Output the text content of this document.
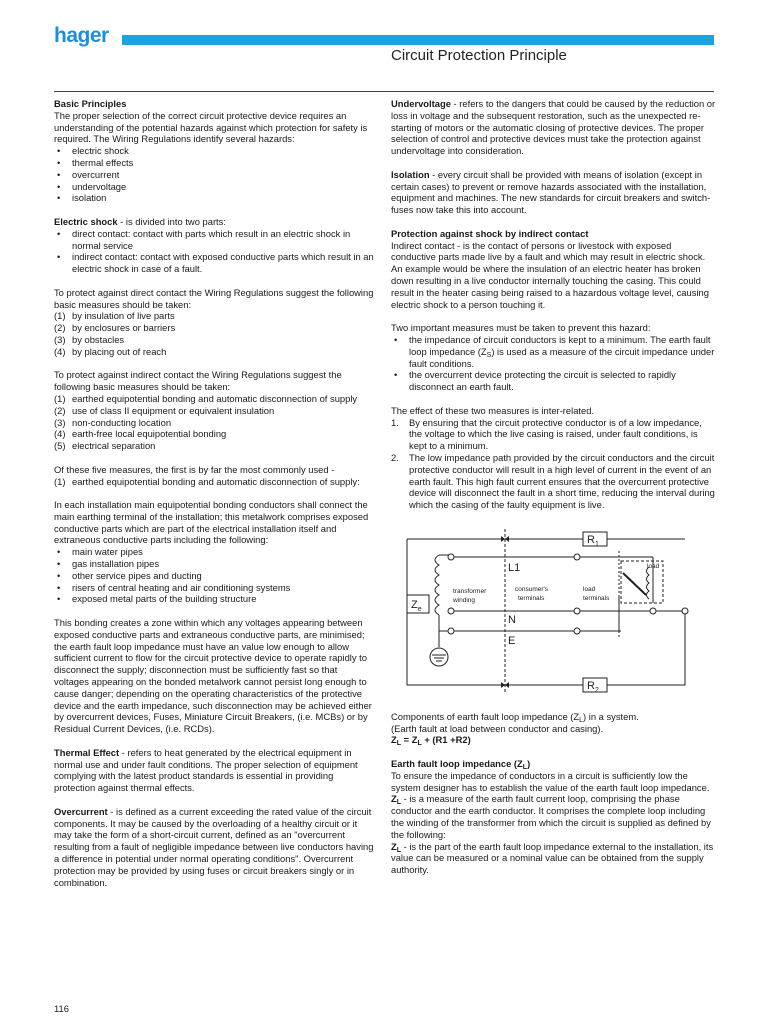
hager
Circuit Protection Principle
Basic Principles
The proper selection of the correct circuit protective device requires an understanding of the potential hazards against which protection for safety is required. The Wiring Regulations identify several hazards:
• electric shock
• thermal effects
• overcurrent
• undervoltage
• isolation
Electric shock - is divided into two parts:
• direct contact: contact with parts which result in an electric shock in normal service
• indirect contact: contact with exposed conductive parts which result in an electric shock in case of a fault.
To protect against direct contact the Wiring Regulations suggest the following basic measures should be taken:
(1) by insulation of live parts
(2) by enclosures or barriers
(3) by obstacles
(4) by placing out of reach
To protect against indirect contact the Wiring Regulations suggest the following basic measures should be taken:
(1) earthed equipotential bonding and automatic disconnection of supply
(2) use of class II equipment or equivalent insulation
(3) non-conducting location
(4) earth-free local equipotential bonding
(5) electrical separation
Of these five measures, the first is by far the most commonly used -
(1) earthed equipotential bonding and automatic disconnection of supply:
In each installation main equipotential bonding conductors shall connect the main earthing terminal of the installation; this metalwork comprises exposed conductive parts which are part of the electrical installation itself and extraneous conductive parts including the following:
• main water pipes
• gas installation pipes
• other service pipes and ducting
• risers of central heating and air conditioning systems
• exposed metal parts of the building structure

This bonding creates a zone within which any voltages appearing between exposed conductive parts and extraneous conductive parts, are minimised; the earth fault loop impedance must have an value low enough to allow sufficient current to flow for the circuit protective device to operate rapidly to disconnect the supply; disconnection must be sufficiently fast so that voltages appearing on the bonded metalwork cannot persist long enough to cause danger; depending on the operating characteristics of the protective device and the earth impedance, such disconnection may be achieved either by overcurrent devices, Fuses, Miniature Circuit Breakers, (i.e. MCBs) or by Residual Current Devices, (i.e. RCDs).

Thermal Effect - refers to heat generated by the electrical equipment in normal use and under fault conditions. The proper selection of equipment complying with the latest product standards is essential in providing protection against thermal effects.

Overcurrent - is defined as a current exceeding the rated value of the circuit components. It may be caused by the overloading of a healthy circuit or it may take the form of a short-circuit current, defined as an "overcurrent resulting from a fault of negligible impedance between live conductors having a difference in potential under normal operating conditions". Overcurrent protection may be provided by using fuses or circuit breakers singly or in combination.

Undervoltage - refers to the dangers that could be caused by the reduction or loss in voltage and the subsequent restoration, such as the unexpected re-starting of motors or the automatic closing of protective devices. The proper selection of control and protective devices must take the protection against undervoltage into consideration.

Isolation - every circuit shall be provided with means of isolation (except in certain cases) to prevent or remove hazards associated with the installation, equipment and machines. The new standards for circuit breakers and switch-fuses now take this into account.

Protection against shock by indirect contact
Indirect contact - is the contact of persons or livestock with exposed conductive parts made live by a fault and which may result in electric shock. An example would be where the insulation of an electric heater has broken down resulting in a live conductor internally touching the casing. This could result in the heater casing being raised to a hazardous voltage level, causing electric shock to a person touching it.
Two important measures must be taken to prevent this hazard:
• the impedance of circuit conductors is kept to a minimum. The earth fault loop impedance $(Z_S)$ is used as a measure of the circuit impedance under fault conditions.
• the overcurrent device protecting the circuit is selected to rapidly disconnect an earth fault.
The effect of these two measures is inter-related.
1. By ensuring that the circuit protective conductor is of a low impedance, the voltage to which the live casing is raised, under fault conditions, is kept to a minimum.
2. The low impedance path provided by the circuit conductors and the circuit protective conductor will result in a high level of current in the event of an earth fault. This high fault current ensures that the overcurrent protective device will disconnect the fault in a short time, reducing the interval during which the casing of the faulty equipment is live.
$R_1$
$R_2$
$Z_e$
L1
N
E
transformer
winding
consumer's
terminals
load
terminals
load
Components of earth fault loop impedance $(Z_L)$ in a system.
(Earth fault at load between conductor and casing).
$Z_L = Z_L + (R1 +R2)$
Earth fault loop impedance $(Z_L)$
To ensure the impedance of conductors in a circuit is sufficiently low the system designer has to establish the value of the earth fault loop impedance.
$Z_L$ - is a measure of the earth fault current loop, comprising the phase conductor and the earth conductor. It comprises the complete loop including the winding of the transformer from which the circuit is supplied as defined by the following:
$Z_L$ - is the part of the earth fault loop impedance external to the installation, its value can be measured or a nominal value can be obtained from the supply authority.
116
